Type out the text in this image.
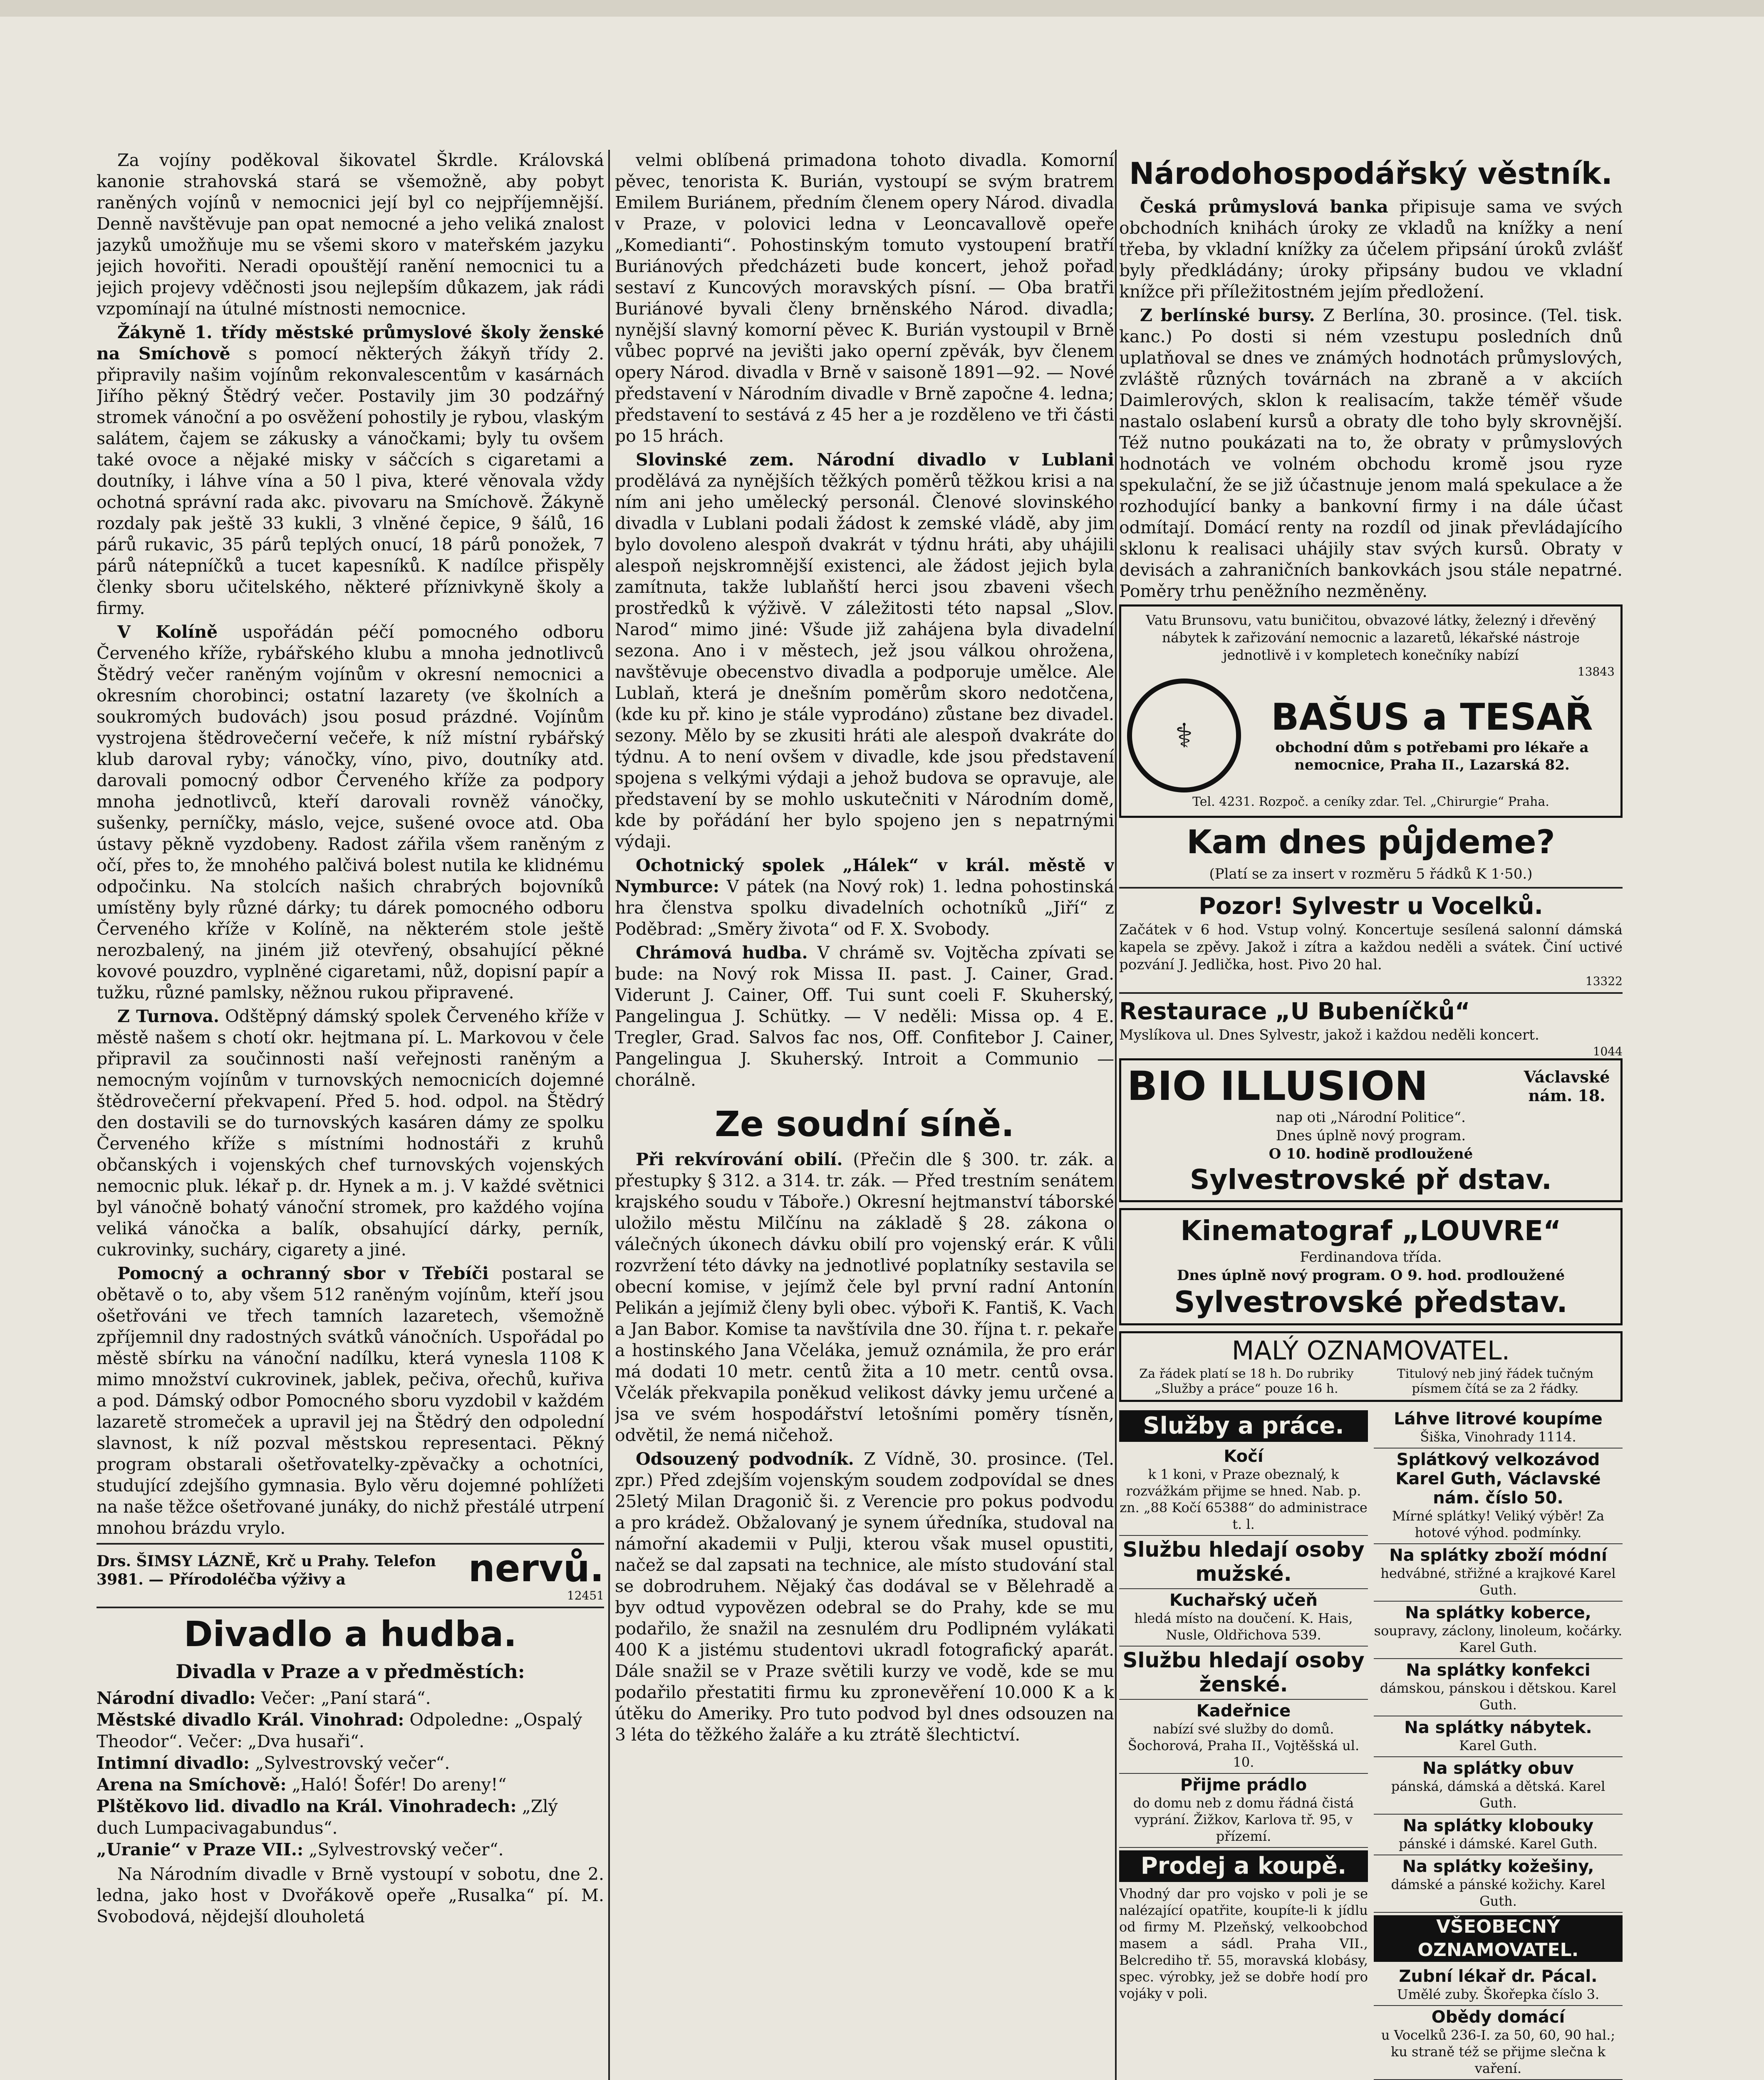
Za vojíny poděkoval šikovatel Škrdle. Královská kanonie strahovská stará se všemožně, aby pobyt raněných vojínů v nemocnici její byl co nejpříjemnější. Denně navštěvuje pan opat nemocné a jeho veliká znalost jazyků umožňuje mu se všemi skoro v mateřském jazyku jejich hovořiti. Neradi opouštějí ranění nemocnici tu a jejich projevy vděčnosti jsou nejlepším důkazem, jak rádi vzpomínají na útulné místnosti nemocnice.

Žákyně 1. třídy městské průmyslové školy ženské na Smíchově s pomocí některých žákyň třídy 2. připravily našim vojínům rekonvalescentům v kasárnách Jiřího pěkný Štědrý večer. Postavily jim 30 podzářný stromek vánoční a po osvěžení pohostily je rybou, vlaským salátem, čajem se zákusky a vánočkami; byly tu ovšem také ovoce a nějaké misky v sáčcích s cigaretami a doutníky, i láhve vína a 50 l piva, které věnovala vždy ochotná správní rada akc. pivovaru na Smíchově. Žákyně rozdaly pak ještě 33 kukli, 3 vlněné čepice, 9 šálů, 16 párů rukavic, 35 párů teplých onucí, 18 párů ponožek, 7 párů nátepníčků a tucet kapesníků. K nadílce přispěly členky sboru učitelského, některé příznivkyně školy a firmy.

V Kolíně uspořádán péčí pomocného odboru Červeného kříže, rybářského klubu a mnoha jednotlivců Štědrý večer raněným vojínům v okresní nemocnici a okresním chorobinci; ostatní lazarety (ve školních a soukromých budovách) jsou posud prázdné. Vojínům vystrojena štědrovečerní večeře, k níž místní rybářský klub daroval ryby; vánočky, víno, pivo, doutníky atd. darovali pomocný odbor Červeného kříže za podpory mnoha jednotlivců, kteří darovali rovněž vánočky, sušenky, perníčky, máslo, vejce, sušené ovoce atd. Oba ústavy pěkně vyzdobeny. Radost zářila všem raněným z očí, přes to, že mnohého palčivá bolest nutila ke klidnému odpočinku. Na stolcích našich chrabrých bojovníků umístěny byly různé dárky; tu dárek pomocného odboru Červeného kříže v Kolíně, na některém stole ještě nerozbalený, na jiném již otevřený, obsahující pěkné kovové pouzdro, vyplněné cigaretami, nůž, dopisní papír a tužku, různé pamlsky, něžnou rukou připravené.

Z Turnova. Odštěpný dámský spolek Červeného kříže v městě našem s chotí okr. hejtmana pí. L. Markovou v čele připravil za součinnosti naší veřejnosti raněným a nemocným vojínům v turnovských nemocnicích dojemné štědrovečerní překvapení. Před 5. hod. odpol. na Štědrý den dostavili se do turnovských kasáren dámy ze spolku Červeného kříže s místními hodnostáři z kruhů občanských i vojenských chef turnovských vojenských nemocnic pluk. lékař p. dr. Hynek a m. j. V každé světnici byl vánočně bohatý vánoční stromek, pro každého vojína veliká vánočka a balík, obsahující dárky, perník, cukrovinky, sucháry, cigarety a jiné.

Pomocný a ochranný sbor v Třebíči postaral se obětavě o to, aby všem 512 raněným vojínům, kteří jsou ošetřováni ve třech tamních lazaretech, všemožně zpříjemnil dny radostných svátků vánočních. Uspořádal po městě sbírku na vánoční nadílku, která vynesla 1108 K mimo množství cukrovinek, jablek, pečiva, ořechů, kuřiva a pod. Dámský odbor Pomocného sboru vyzdobil v každém lazaretě stromeček a upravil jej na Štědrý den odpolední slavnost, k níž pozval městskou representaci. Pěkný program obstarali ošetřovatelky-zpěvačky a ochotníci, studující zdejšího gymnasia. Bylo věru dojemné pohlížeti na naše těžce ošetřované junáky, do nichž přestálé utrpení mnohou brázdu vrylo.

Drs. ŠIMSY LÁZNĚ, Krč u Prahy. Telefon 3981. — Přírodoléčba výživy a	nervů.
12451
Divadlo a hudba.
Divadla v Praze a v předměstích:

Národní divadlo: Večer: „Paní stará“.

Městské divadlo Král. Vinohrad: Odpoledne: „Ospalý Theodor“. Večer: „Dva husaři“.

Intimní divadlo: „Sylvestrovský večer“.

Arena na Smíchově: „Haló! Šofér! Do areny!“

Plštěkovo lid. divadlo na Král. Vinohradech: „Zlý duch Lumpacivagabundus“.

„Uranie“ v Praze VII.: „Sylvestrovský večer“.

Na Národním divadle v Brně vystoupí v sobotu, dne 2. ledna, jako host v Dvořákově opeře „Rusalka“ pí. M. Svobodová, nějdejší dlouholetá

velmi oblíbená primadona tohoto divadla. Komorní pěvec, tenorista K. Burián, vystoupí se svým bratrem Emilem Buriánem, předním členem opery Národ. divadla v Praze, v polovici ledna v Leoncavallově opeře „Komedianti“. Pohostinským tomuto vystoupení bratří Buriánových předcházeti bude koncert, jehož pořad sestaví z Kuncových moravských písní. — Oba bratři Buriánové byvali členy brněnského Národ. divadla; nynější slavný komorní pěvec K. Burián vystoupil v Brně vůbec poprvé na jevišti jako operní zpěvák, byv členem opery Národ. divadla v Brně v saisoně 1891—92. — Nové představení v Národním divadle v Brně započne 4. ledna; představení to sestává z 45 her a je rozděleno ve tři části po 15 hrách.

Slovinské zem. Národní divadlo v Lublani prodělává za nynějších těžkých poměrů těžkou krisi a na ním ani jeho umělecký personál. Členové slovinského divadla v Lublani podali žádost k zemské vládě, aby jim bylo dovoleno alespoň dvakrát v týdnu hráti, aby uhájili alespoň nejskromnější existenci, ale žádost jejich byla zamítnuta, takže lublaňští herci jsou zbaveni všech prostředků k výživě. V záležitosti této napsal „Slov. Narod“ mimo jiné: Všude již zahájena byla divadelní sezona. Ano i v městech, jež jsou válkou ohrožena, navštěvuje obecenstvo divadla a podporuje umělce. Ale Lublaň, která je dnešním poměrům skoro nedotčena, (kde ku př. kino je stále vyprodáno) zůstane bez divadel. sezony. Mělo by se zkusiti hráti ale alespoň dvakráte do týdnu. A to není ovšem v divadle, kde jsou představení spojena s velkými výdaji a jehož budova se opravuje, ale představení by se mohlo uskutečniti v Národním domě, kde by pořádání her bylo spojeno jen s nepatrnými výdaji.

Ochotnický spolek „Hálek“ v král. městě v Nymburce: V pátek (na Nový rok) 1. ledna pohostinská hra členstva spolku divadelních ochotníků „Jiří“ z Poděbrad: „Směry života“ od F. X. Svobody.

Chrámová hudba. V chrámě sv. Vojtěcha zpívati se bude: na Nový rok Missa II. past. J. Cainer, Grad. Viderunt J. Cainer, Off. Tui sunt coeli F. Skuherský, Pangelingua J. Schütky. — V neděli: Missa op. 4 E. Tregler, Grad. Salvos fac nos, Off. Confitebor J. Cainer, Pangelingua J. Skuherský. Introit a Communio — chorálně.

Ze soudní síně.

Při rekvírování obilí. (Přečin dle § 300. tr. zák. a přestupky § 312. a 314. tr. zák. — Před trestním senátem krajského soudu v Táboře.) Okresní hejtmanství táborské uložilo městu Milčínu na základě § 28. zákona o válečných úkonech dávku obilí pro vojenský erár. K vůli rozvržení této dávky na jednotlivé poplatníky sestavila se obecní komise, v jejímž čele byl první radní Antonín Pelikán a jejímiž členy byli obec. výboři K. Fantiš, K. Vach a Jan Babor. Komise ta navštívila dne 30. října t. r. pekaře a hostinského Jana Včeláka, jemuž oznámila, že pro erár má dodati 10 metr. centů žita a 10 metr. centů ovsa. Včelák překvapila poněkud velikost dávky jemu určené a jsa ve svém hospodářství letošními poměry tísněn, odvětil, že nemá ničehož.

Odsouzený podvodník. Z Vídně, 30. prosince. (Tel. zpr.) Před zdejším vojenským soudem zodpovídal se dnes 25letý Milan Dragonič ši. z Verencie pro pokus podvodu a pro krádež. Obžalovaný je synem úředníka, studoval na námořní akademii v Pulji, kterou však musel opustiti, načež se dal zapsati na technice, ale místo studování stal se dobrodruhem. Nějaký čas dodával se v Bělehradě a byv odtud vypovězen odebral se do Prahy, kde se mu podařilo, že snažil na zesnulém dru Podlipném vylákati 400 K a jistému studentovi ukradl fotografický aparát. Dále snažil se v Praze světili kurzy ve vodě, kde se mu podařilo přestatiti firmu ku zpronevěření 10.000 K a k útěku do Ameriky. Pro tuto podvod byl dnes odsouzen na 3 léta do těžkého žaláře a ku ztrátě šlechtictví.

Národohospodářský věstník.

Česká průmyslová banka připisuje sama ve svých obchodních knihách úroky ze vkladů na knížky a není třeba, by vkladní knížky za účelem připsání úroků zvlášť byly předkládány; úroky připsány budou ve vkladní knížce při příležitostném jejím předložení.

Z berlínské bursy. Z Berlína, 30. prosince. (Tel. tisk. kanc.) Po dosti si ném vzestupu posledních dnů uplatňoval se dnes ve známých hodnotách průmyslových, zvláště různých továrnách na zbraně a v akciích Daimlerových, sklon k realisacím, takže téměř všude nastalo oslabení kursů a obraty dle toho byly skrovnější. Též nutno poukázati na to, že obraty v průmyslových hodnotách ve volném obchodu kromě jsou ryze spekulační, že se již účastnuje jenom malá spekulace a že rozhodující banky a bankovní firmy i na dále účast odmítají. Domácí renty na rozdíl od jinak převládajícího sklonu k realisaci uhájily stav svých kursů. Obraty v devisách a zahraničních bankovkách jsou stále nepatrné. Poměry trhu peněžního nezměněny.

Vatu Brunsovu, vatu buničitou, obvazové látky, železný i dřevěný nábytek k zařizování nemocnic a lazaretů, lékařské nástroje jednotlivě i v kompletech konečníky nabízí
13843
⚕	BAŠUS a TESAŘ
obchodní dům s potřebami pro lékaře a nemocnice, Praha II., Lazarská 82.
Tel. 4231. Rozpoč. a ceníky zdar. Tel. „Chirurgie“ Praha.
Kam dnes půjdeme?
(Platí se za insert v rozměru 5 řádků K 1·50.)
Pozor! Sylvestr u Vocelků.
Začátek v 6 hod. Vstup volný. Koncertuje sesílená salonní dámská kapela se zpěvy. Jakož i zítra a každou neděli a svátek. Činí uctivé pozvání J. Jedlička, host. Pivo 20 hal.
13322
Restaurace „U Bubeníčků“
Myslíkova ul. Dnes Sylvestr, jakož i každou neděli koncert.
1044
BIO ILLUSION	Václavské nám. 18.
nap oti „Národní Politice“.
Dnes úplně nový program.
O 10. hodině prodloužené
Sylvestrovské př dstav.
Kinematograf „LOUVRE“
Ferdinandova třída.
Dnes úplně nový program. O 9. hod. prodloužené
Sylvestrovské představ.
MALÝ OZNAMOVATEL.
Za řádek platí se 18 h. Do rubriky „Služby a práce“ pouze 16 h.
Titulový neb jiný řádek tučným písmem čítá se za 2 řádky.
Služby a práce.
Kočí
k 1 koni, v Praze obeznalý, k rozvážkám přijme se hned. Nab. p. zn. „88 Kočí 65388“ do administrace t. l.
Službu hledají osoby mužské.
Kuchařský učeň
hledá místo na doučení. K. Hais, Nusle, Oldřichova 539.
Službu hledají osoby ženské.
Kadeřnice
nabízí své služby do domů. Šochorová, Praha II., Vojtěšská ul. 10.
Přijme prádlo
do domu neb z domu řádná čistá vyprání. Žižkov, Karlova tř. 95, v přízemí.
Prodej a koupě.
Vhodný dar pro vojsko v poli je se nalézající opatřite, koupíte-li k jídlu od firmy M. Plzeňský, velkoobchod masem a sádl. Praha VII., Belcrediho tř. 55, moravská klobásy, spec. výrobky, jež se dobře hodí pro vojáky v poli.
Láhve litrové koupíme
Šiška, Vinohrady 1114.
Splátkový velkozávod Karel Guth, Václavské nám. číslo 50.
Mírné splátky! Veliký výběr! Za hotové výhod. podmínky.
Na splátky zboží módní
hedvábné, střižné a krajkové Karel Guth.
Na splátky koberce,
soupravy, záclony, linoleum, kočárky. Karel Guth.
Na splátky konfekci
dámskou, pánskou i dětskou. Karel Guth.
Na splátky nábytek.
Karel Guth.
Na splátky obuv
pánská, dámská a dětská. Karel Guth.
Na splátky klobouky
pánské i dámské. Karel Guth.
Na splátky kožešiny,
dámské a pánské kožichy. Karel Guth.
VŠEOBECNÝ OZNAMOVATEL.
Zubní lékař dr. Pácal.
Umělé zuby. Škořepka číslo 3.
Obědy domácí
u Vocelků 236-I. za 50, 60, 90 hal.; ku straně též se přijme slečna k vaření.
